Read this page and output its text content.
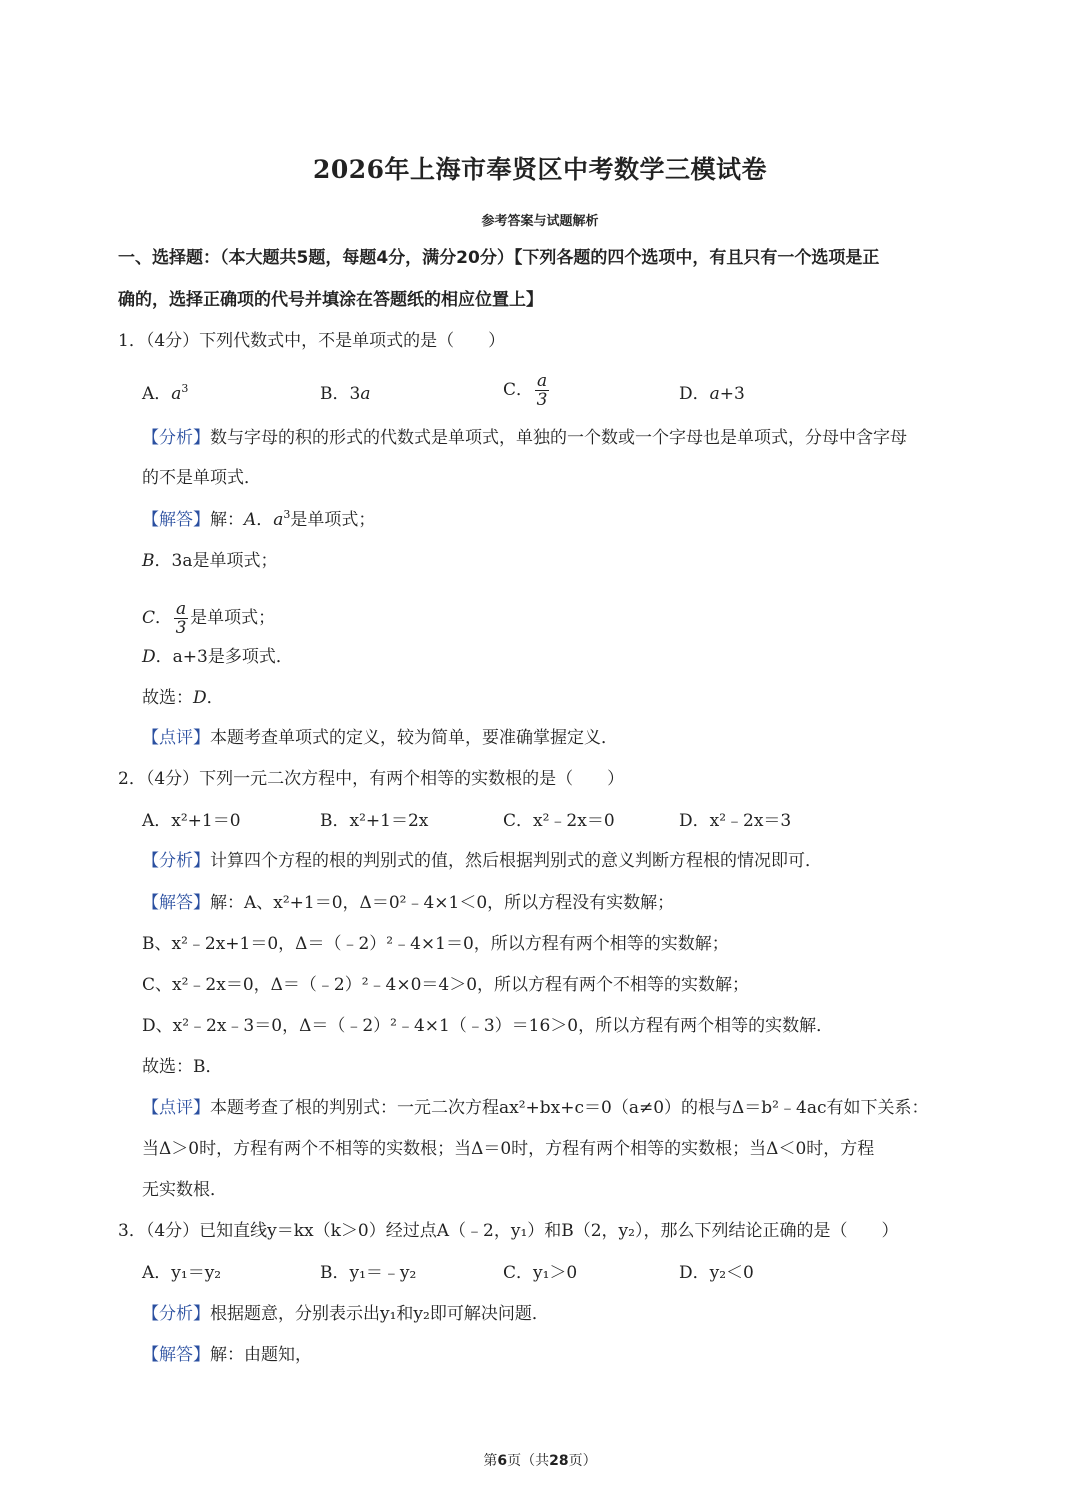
2026年上海市奉贤区中考数学三模试卷
参考答案与试题解析
一、选择题：（本大题共5题，每题4分，满分20分）【下列各题的四个选项中，有且只有一个选项是正
确的，选择正确项的代号并填涂在答题纸的相应位置上】
1．（4分）下列代数式中，不是单项式的是（　　）
A．$a^3$	B．3a	C． $\frac{a}{3}$	D．a+3
【分析】数与字母的积的形式的代数式是单项式，单独的一个数或一个字母也是单项式，分母中含字母
的不是单项式．
【解答】解：A．$a^3$是单项式；
B．3a是单项式；
C． $\frac{a}{3}$ 是单项式；
D．a+3是多项式．
故选：D．
【点评】本题考查单项式的定义，较为简单，要准确掌握定义．
2．（4分）下列一元二次方程中，有两个相等的实数根的是（　　）
A．x²+1＝0	B．x²+1＝2x	C．x²﹣2x＝0	D．x²﹣2x＝3
【分析】计算四个方程的根的判别式的值，然后根据判别式的意义判断方程根的情况即可．
【解答】解：A、x²+1＝0，Δ＝0²﹣4×1＜0，所以方程没有实数解；
B、x²﹣2x+1＝0，Δ＝（﹣2）²﹣4×1＝0，所以方程有两个相等的实数解；
C、x²﹣2x＝0，Δ＝（﹣2）²﹣4×0＝4＞0，所以方程有两个不相等的实数解；
D、x²﹣2x﹣3＝0，Δ＝（﹣2）²﹣4×1（﹣3）＝16＞0，所以方程有两个相等的实数解．
故选：B．
【点评】本题考查了根的判别式：一元二次方程ax²+bx+c＝0（a≠0）的根与Δ＝b²﹣4ac有如下关系：
当Δ＞0时，方程有两个不相等的实数根；当Δ＝0时，方程有两个相等的实数根；当Δ＜0时，方程
无实数根．
3．（4分）已知直线y＝kx（k＞0）经过点A（﹣2，y₁）和B（2，y₂），那么下列结论正确的是（　　）
A．y₁＝y₂	B．y₁＝﹣y₂	C．y₁＞0	D．y₂＜0
【分析】根据题意，分别表示出y₁和y₂即可解决问题．
【解答】解：由题知，
第6页（共28页）
